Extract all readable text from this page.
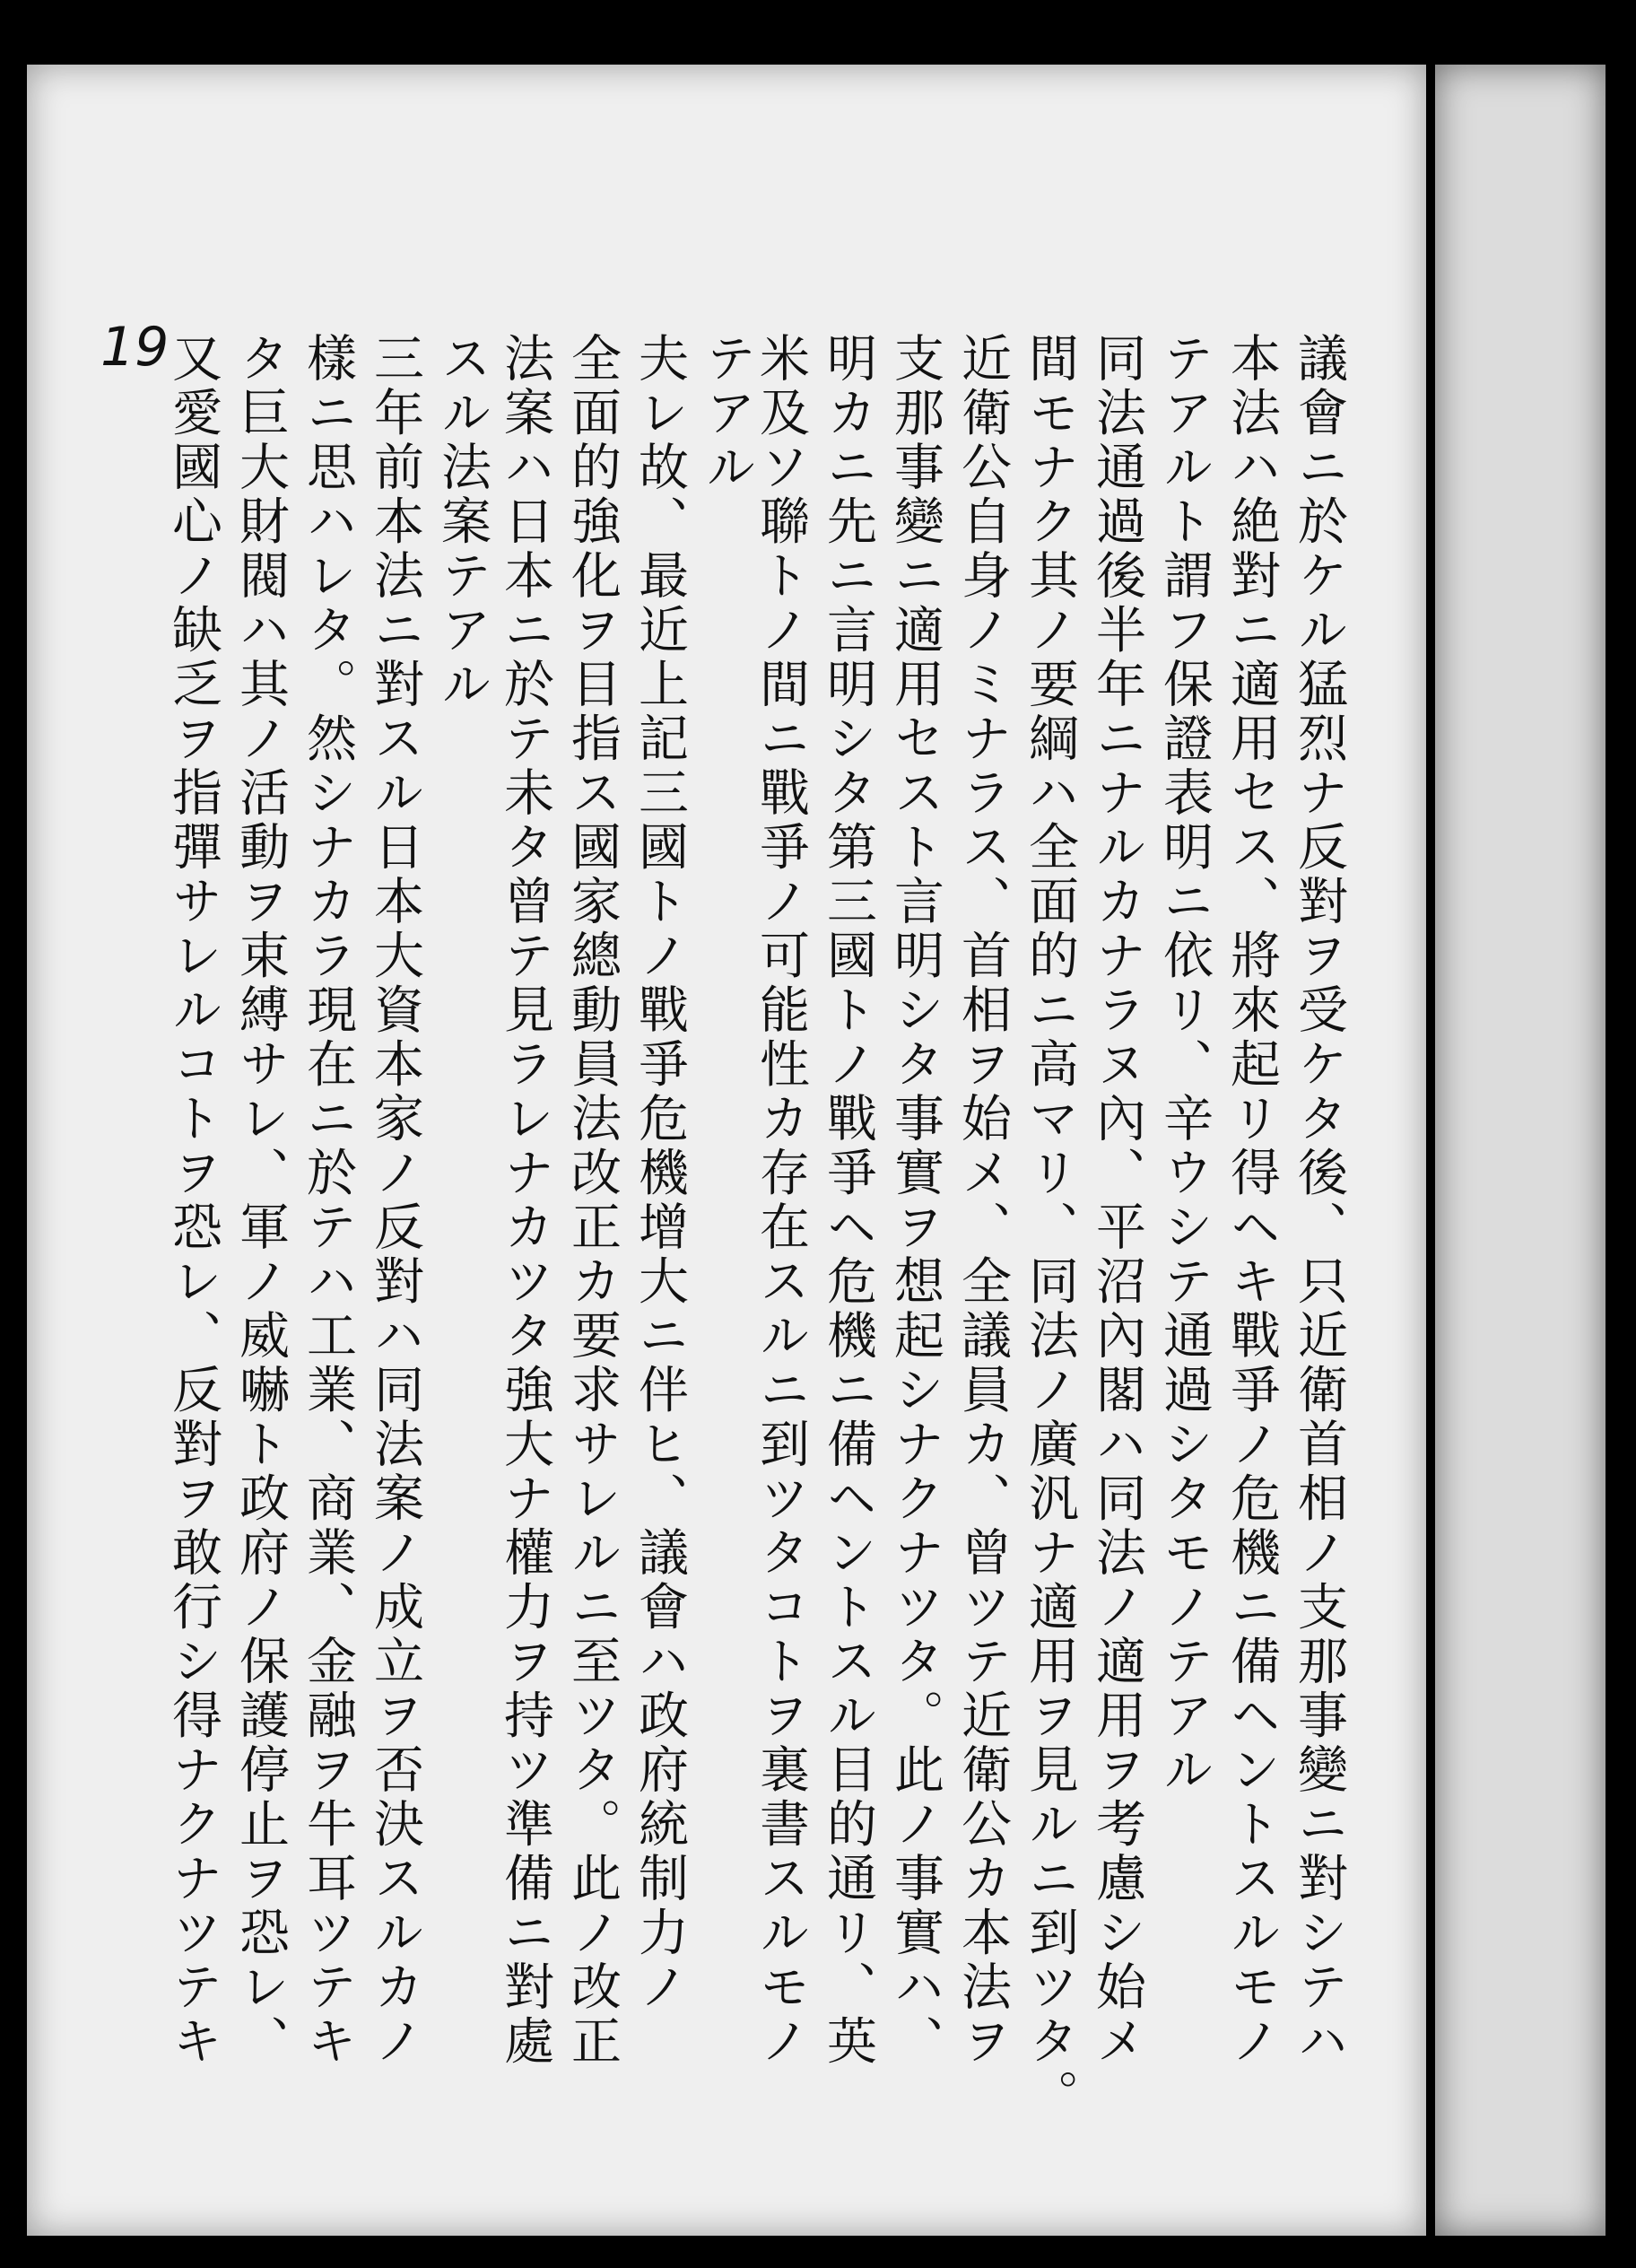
19	議會ニ於ケル猛烈ナ反對ヲ受ケタ後、只近衛首相ノ支那事變ニ對シテハ
本法ハ絶對ニ適用セス、將來起リ得ヘキ戰爭ノ危機ニ備ヘントスルモノ
テアルト謂フ保證表明ニ依リ、辛ウシテ通過シタモノテアル
同法通過後半年ニナルカナラヌ內、平沼內閣ハ同法ノ適用ヲ考慮シ始メ
間モナク其ノ要綱ハ全面的ニ高マリ、同法ノ廣汎ナ適用ヲ見ルニ到ツタ。
近衛公自身ノミナラス、首相ヲ始メ、全議員カ、曾ツテ近衛公カ本法ヲ
支那事變ニ適用セスト言明シタ事實ヲ想起シナクナツタ。此ノ事實ハ、
明カニ先ニ言明シタ第三國トノ戰爭ヘ危機ニ備ヘントスル目的通リ、英
米及ソ聯トノ間ニ戰爭ノ可能性カ存在スルニ到ツタコトヲ裏書スルモノ
テアル
夫レ故、最近上記三國トノ戰爭危機增大ニ伴ヒ、議會ハ政府統制力ノ
全面的強化ヲ目指ス國家總動員法改正カ要求サレルニ至ツタ。此ノ改正
法案ハ日本ニ於テ未タ曾テ見ラレナカツタ強大ナ權力ヲ持ツ準備ニ對處
スル法案テアル
三年前本法ニ對スル日本大資本家ノ反對ハ同法案ノ成立ヲ否決スルカノ
樣ニ思ハレタ。然シナカラ現在ニ於テハ工業、商業、金融ヲ牛耳ツテキ
タ巨大財閥ハ其ノ活動ヲ束縛サレ、軍ノ威嚇ト政府ノ保護停止ヲ恐レ、
又愛國心ノ缺乏ヲ指彈サレルコトヲ恐レ、反對ヲ敢行シ得ナクナツテキ
